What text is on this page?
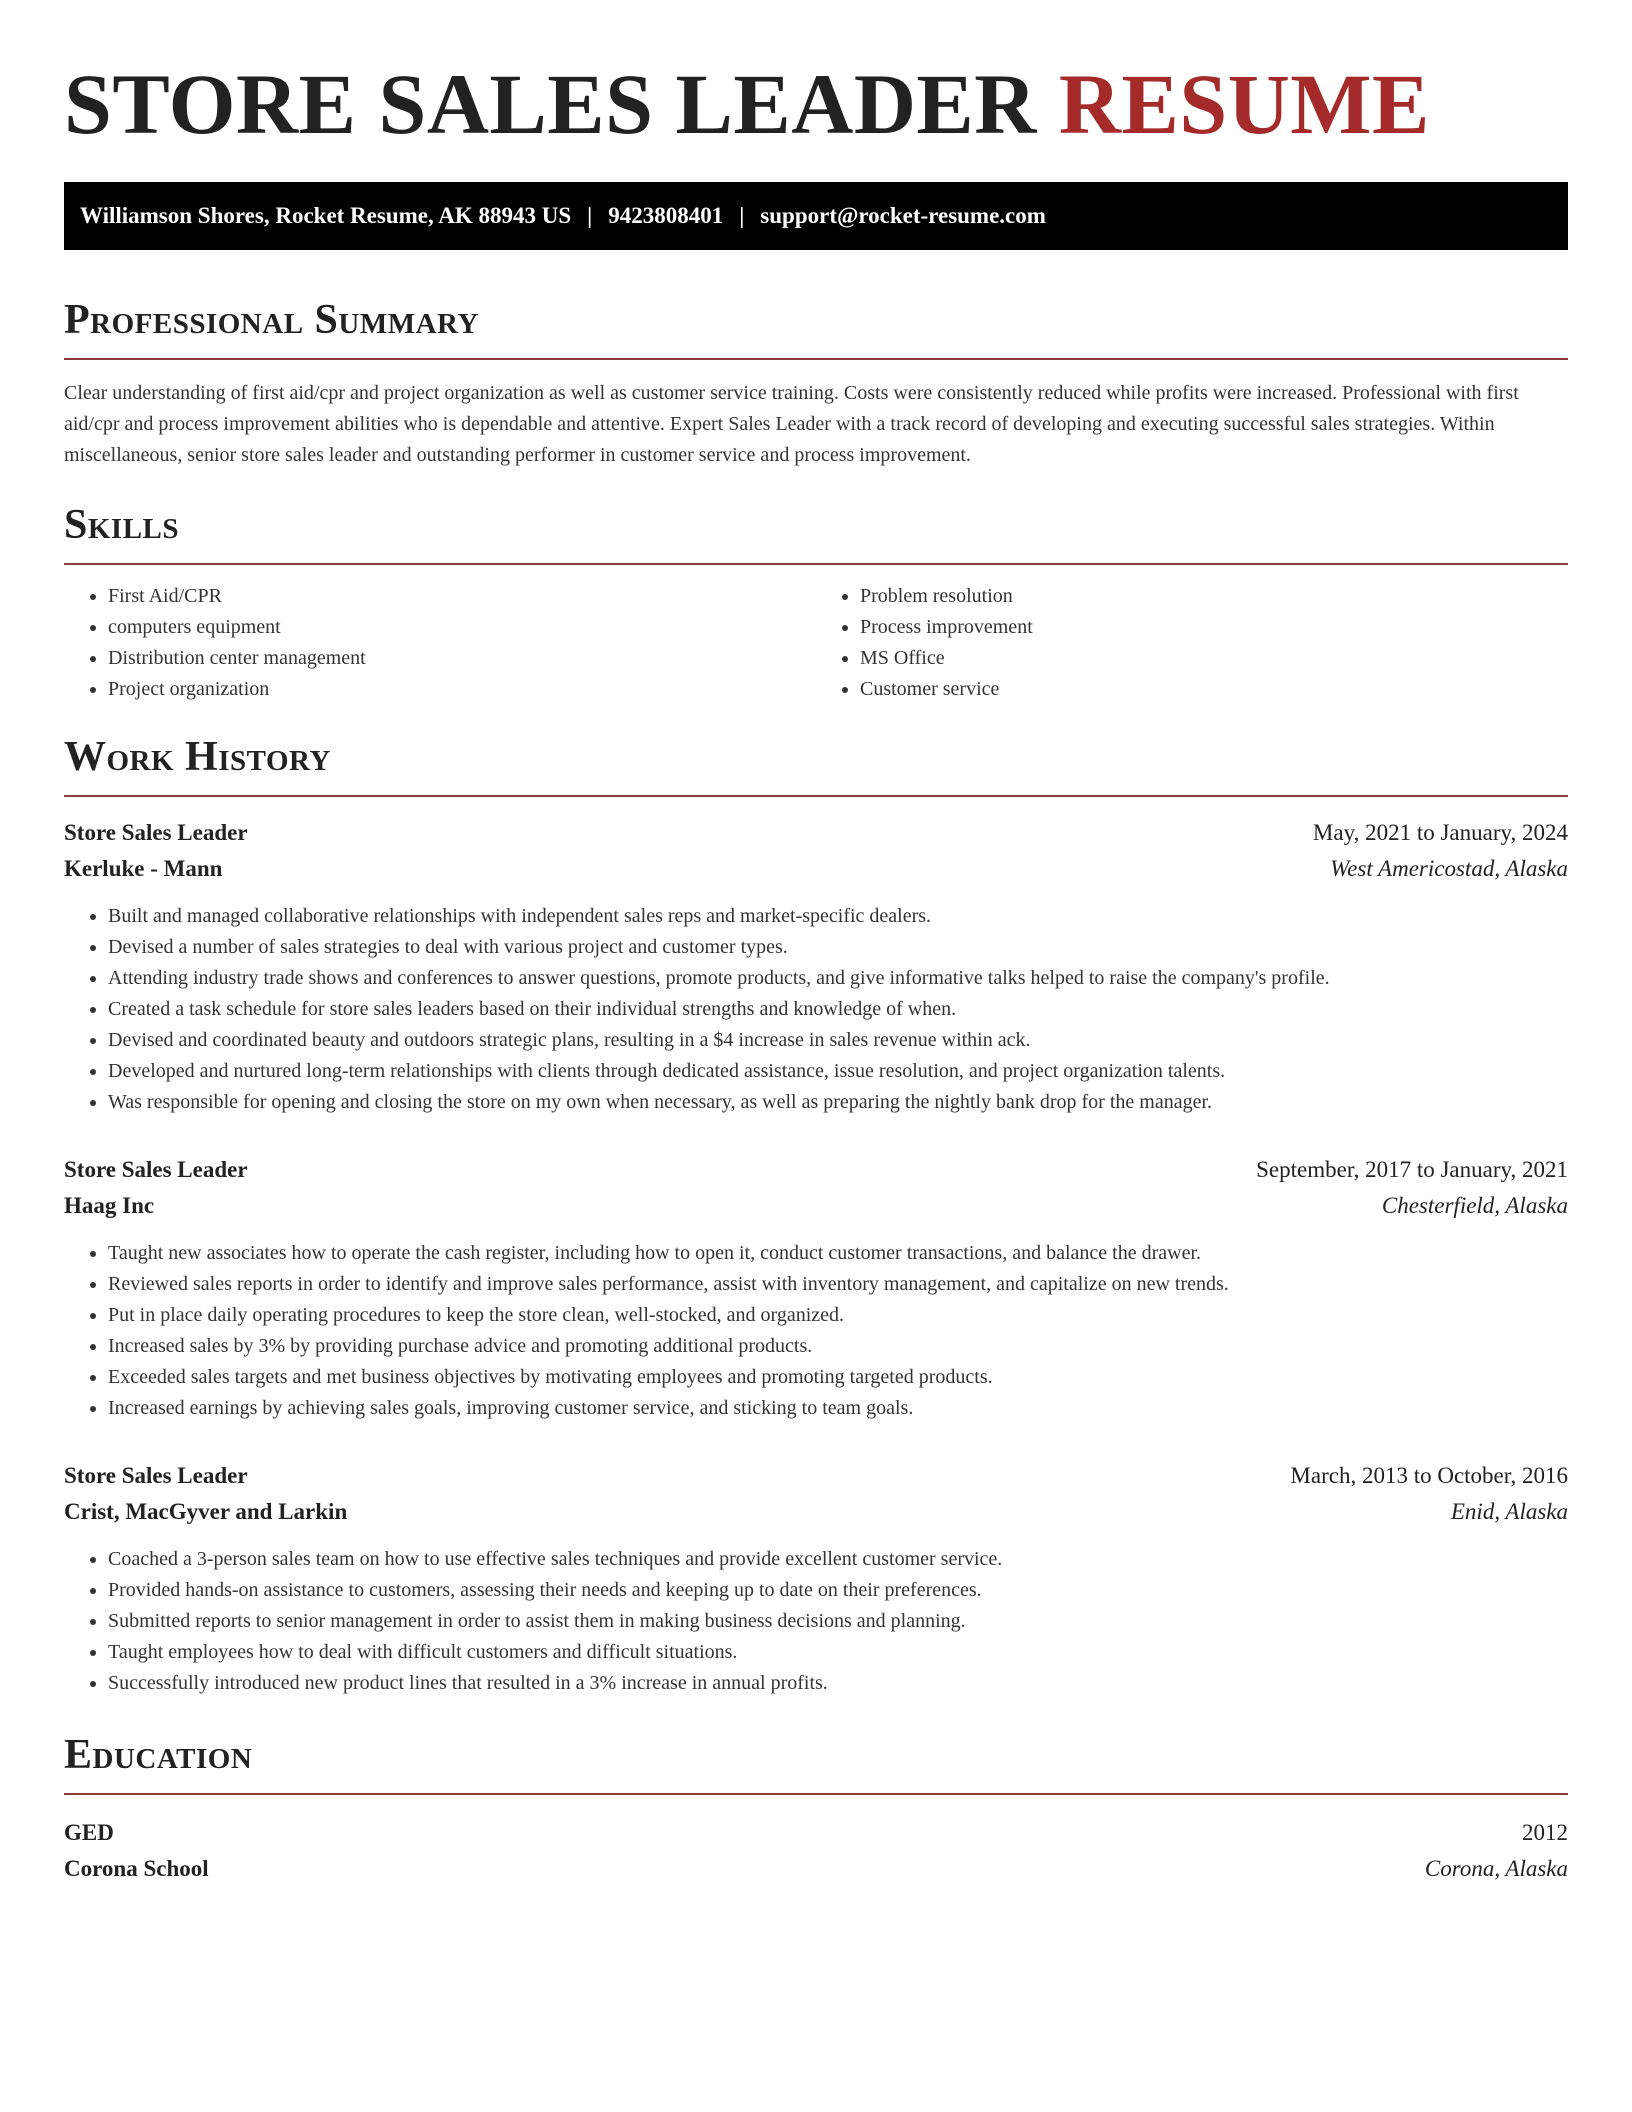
STORE SALES LEADER RESUME
Williamson Shores, Rocket Resume, AK 88943 US | 9423808401 | support@rocket-resume.com
Professional Summary

Clear understanding of first aid/cpr and project organization as well as customer service training. Costs were consistently reduced while profits were increased. Professional with first aid/cpr and process improvement abilities who is dependable and attentive. Expert Sales Leader with a track record of developing and executing successful sales strategies. Within miscellaneous, senior store sales leader and outstanding performer in customer service and process improvement.

Skills
• First Aid/CPR
• computers equipment
• Distribution center management
• Project organization
• Problem resolution
• Process improvement
• MS Office
• Customer service
Work History
Store Sales Leader	May, 2021 to January, 2024
Kerluke - Mann	West Americostad, Alaska
• Built and managed collaborative relationships with independent sales reps and market-specific dealers.
• Devised a number of sales strategies to deal with various project and customer types.
• Attending industry trade shows and conferences to answer questions, promote products, and give informative talks helped to raise the company's profile.
• Created a task schedule for store sales leaders based on their individual strengths and knowledge of when.
• Devised and coordinated beauty and outdoors strategic plans, resulting in a $4 increase in sales revenue within ack.
• Developed and nurtured long-term relationships with clients through dedicated assistance, issue resolution, and project organization talents.
• Was responsible for opening and closing the store on my own when necessary, as well as preparing the nightly bank drop for the manager.
Store Sales Leader	September, 2017 to January, 2021
Haag Inc	Chesterfield, Alaska
• Taught new associates how to operate the cash register, including how to open it, conduct customer transactions, and balance the drawer.
• Reviewed sales reports in order to identify and improve sales performance, assist with inventory management, and capitalize on new trends.
• Put in place daily operating procedures to keep the store clean, well-stocked, and organized.
• Increased sales by 3% by providing purchase advice and promoting additional products.
• Exceeded sales targets and met business objectives by motivating employees and promoting targeted products.
• Increased earnings by achieving sales goals, improving customer service, and sticking to team goals.
Store Sales Leader	March, 2013 to October, 2016
Crist, MacGyver and Larkin	Enid, Alaska
• Coached a 3-person sales team on how to use effective sales techniques and provide excellent customer service.
• Provided hands-on assistance to customers, assessing their needs and keeping up to date on their preferences.
• Submitted reports to senior management in order to assist them in making business decisions and planning.
• Taught employees how to deal with difficult customers and difficult situations.
• Successfully introduced new product lines that resulted in a 3% increase in annual profits.
Education
GED	2012
Corona School	Corona, Alaska
